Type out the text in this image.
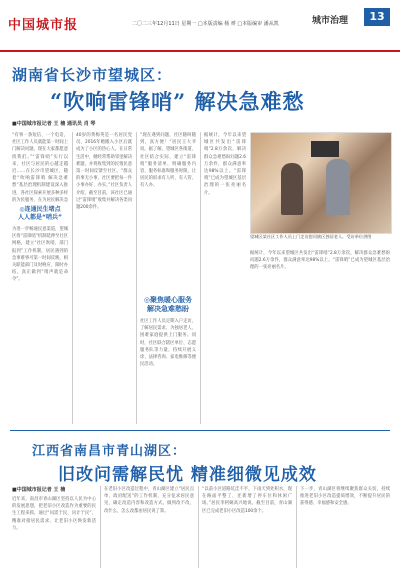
中国城市报	二〇二三年12月11日 星期一 □本版责编 杨 赟 □本版编审 潘从凯	城市治理	13
湖南省长沙市望城区：
“吹响雷锋哨” 解决急难愁
■中国城市报记者 王 楠 通讯员 肖 琴
“有事一条短信、一个电话，社区工作人员就能第一时间上门解决问题，现在大家都愿意找我们。”“雷锋哨”实行以来，社区与居民的心越走越近……在长沙市望城区，随着“吹响雷锋哨 解决急难愁”基层治理机制建设深入推进，各社区探索开展多种多样的为民服务，在为居民解决急
◎连通民生堵点
人人都是“哨兵”
为进一步畅通民意渠道，望城区将“雷锋哨”机制延伸至社区网格，建立“社区吹哨、部门报到”工作机制，居民遇到的急事难事可第一时间反映，相关职能部门及时响应、限时办结，真正做到“哨声就是命令”。
40岁的黄梅英是一名居民党员，2016年她搬入小区后就成为了小区的热心人。在日常生活中，她经常帮助邻里解决难题，并将收集到的民情民意第一时间反馈至社区。“群众的事无小事，社区要把每一件小事办好、办实。”社区负责人介绍，截至目前，该社区已通过“雷锋哨”收集并解决各类问题200余件。
“现在遇到问题，社区随叫随到，真方便！”居民王大爷说。据了解，望城区各街道、社区结合实际，建立“雷锋哨”服务清单，明确服务内容、服务标准和服务时限，让居民的诉求有人听、有人管、有人办。
◎聚焦暖心服务
解决急难愁盼
社区工作人员定期入户走访，了解居民需求，为独居老人、困难家庭提供上门服务。同时，社区联合辖区单位、志愿服务队等力量，持续开展义诊、法律咨询、家电维修等便民活动。
据统计，今年以来望城区共发出“雷锋哨”2.8万余次，解决群众急难愁盼问题2.6万余件，群众满意率达98%以上。“雷锋哨”已成为望城区基层治理的一张亮丽名片。
望城区某社区工作人员上门走访慰问辖区独居老人。受访单位供图
据统计，今年以来望城区共发出“雷锋哨”2.8万余次，解决群众急难愁盼问题2.6万余件，群众满意率达98%以上。“雷锋哨”已成为望城区基层治理的一张亮丽名片。
江西省南昌市青山湖区：
旧改问需解民忧 精准细微见成效
■中国城市报记者 王 楠
近年来，南昌市青山湖区坚持以人民为中心的发展思想，把老旧小区改造作为重要的民生工程来抓，通过“问需于民、问计于民”，精准对接居民需求，让老旧小区焕发新活力。
在老旧小区改造过程中，青山湖区建立“居民点单、政府配送”的工作机制，充分征求居民意见，确定改造内容和改造方式，做到改不改、改什么、怎么改都由居民说了算。
“以前小区道路坑洼不平，下雨天到处积水，现在路面平整了，还新增了停车位和休闲广场。”居民李阿姨高兴地说。截至目前，青山湖区已完成老旧小区改造100余个。
下一步，青山湖区将继续聚焦群众关切，持续推进老旧小区改造提质增效，不断提升居民的获得感、幸福感和安全感。
